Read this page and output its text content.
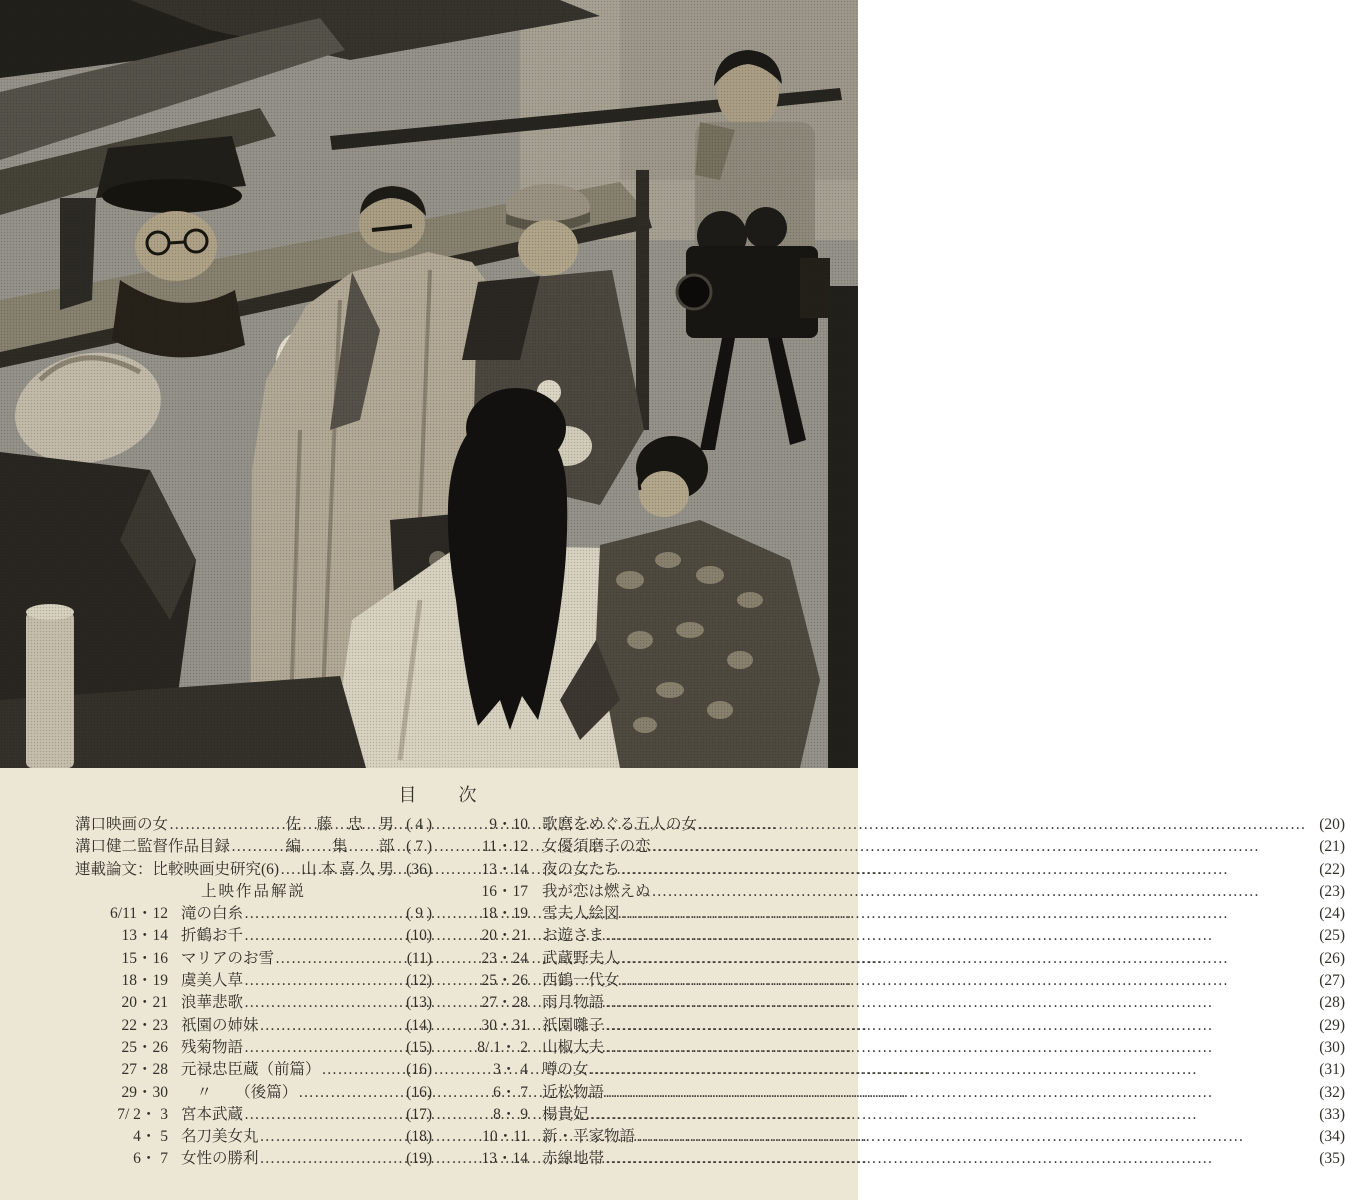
目　　次
溝口映画の女 ……………………………………………………………………………………………………	佐　藤　忠　男 ( 4 )
溝口健二監督作品目録 ……………………………………………………………………………………………………	編　　集　　部 ( 7 )
連載論文：比較映画史研究(6) …………………………………………………………………………………………………… 山 本 喜 久 男 (36)
上映作品解説
6/11・12 滝の白糸 ……………………………………………………………………………………………………	( 9 )
13・14 折鶴お千 ……………………………………………………………………………………………………	(10)
15・16 マリアのお雪 ……………………………………………………………………………………………………	(11)
18・19 虞美人草 ……………………………………………………………………………………………………	(12)
20・21 浪華悲歌 ……………………………………………………………………………………………………	(13)
22・23 祇園の姉妹 ……………………………………………………………………………………………………	(14)
25・26 残菊物語 ……………………………………………………………………………………………………	(15)
27・28 元禄忠臣蔵（前篇） ……………………………………………………………………………………………………	(16)
29・30 　〃　　（後篇） ……………………………………………………………………………………………………	(16)
7/ 2・ 3 宮本武蔵 ……………………………………………………………………………………………………	(17)
4・ 5 名刀美女丸 ……………………………………………………………………………………………………	(18)
6・ 7 女性の勝利 ……………………………………………………………………………………………………	(19)
9・10 歌麿をめぐる五人の女 ……………………………………………………………………………………………………	(20)
11・12 女優須磨子の恋 ……………………………………………………………………………………………………	(21)
13・14 夜の女たち ……………………………………………………………………………………………………	(22)
16・17 我が恋は燃えぬ ……………………………………………………………………………………………………	(23)
18・19 雪夫人絵図 ……………………………………………………………………………………………………	(24)
20・21 お遊さま ……………………………………………………………………………………………………	(25)
23・24 武蔵野夫人 ……………………………………………………………………………………………………	(26)
25・26 西鶴一代女 ……………………………………………………………………………………………………	(27)
27・28 雨月物語 ……………………………………………………………………………………………………	(28)
30・31 祇園囃子 ……………………………………………………………………………………………………	(29)
8/ 1・ 2 山椒大夫 ……………………………………………………………………………………………………	(30)
3・ 4 噂の女 ……………………………………………………………………………………………………	(31)
6・ 7 近松物語 ……………………………………………………………………………………………………	(32)
8・ 9 楊貴妃 ……………………………………………………………………………………………………	(33)
10・11 新・平家物語 ……………………………………………………………………………………………………	(34)
13・14 赤線地帯 ……………………………………………………………………………………………………	(35)
